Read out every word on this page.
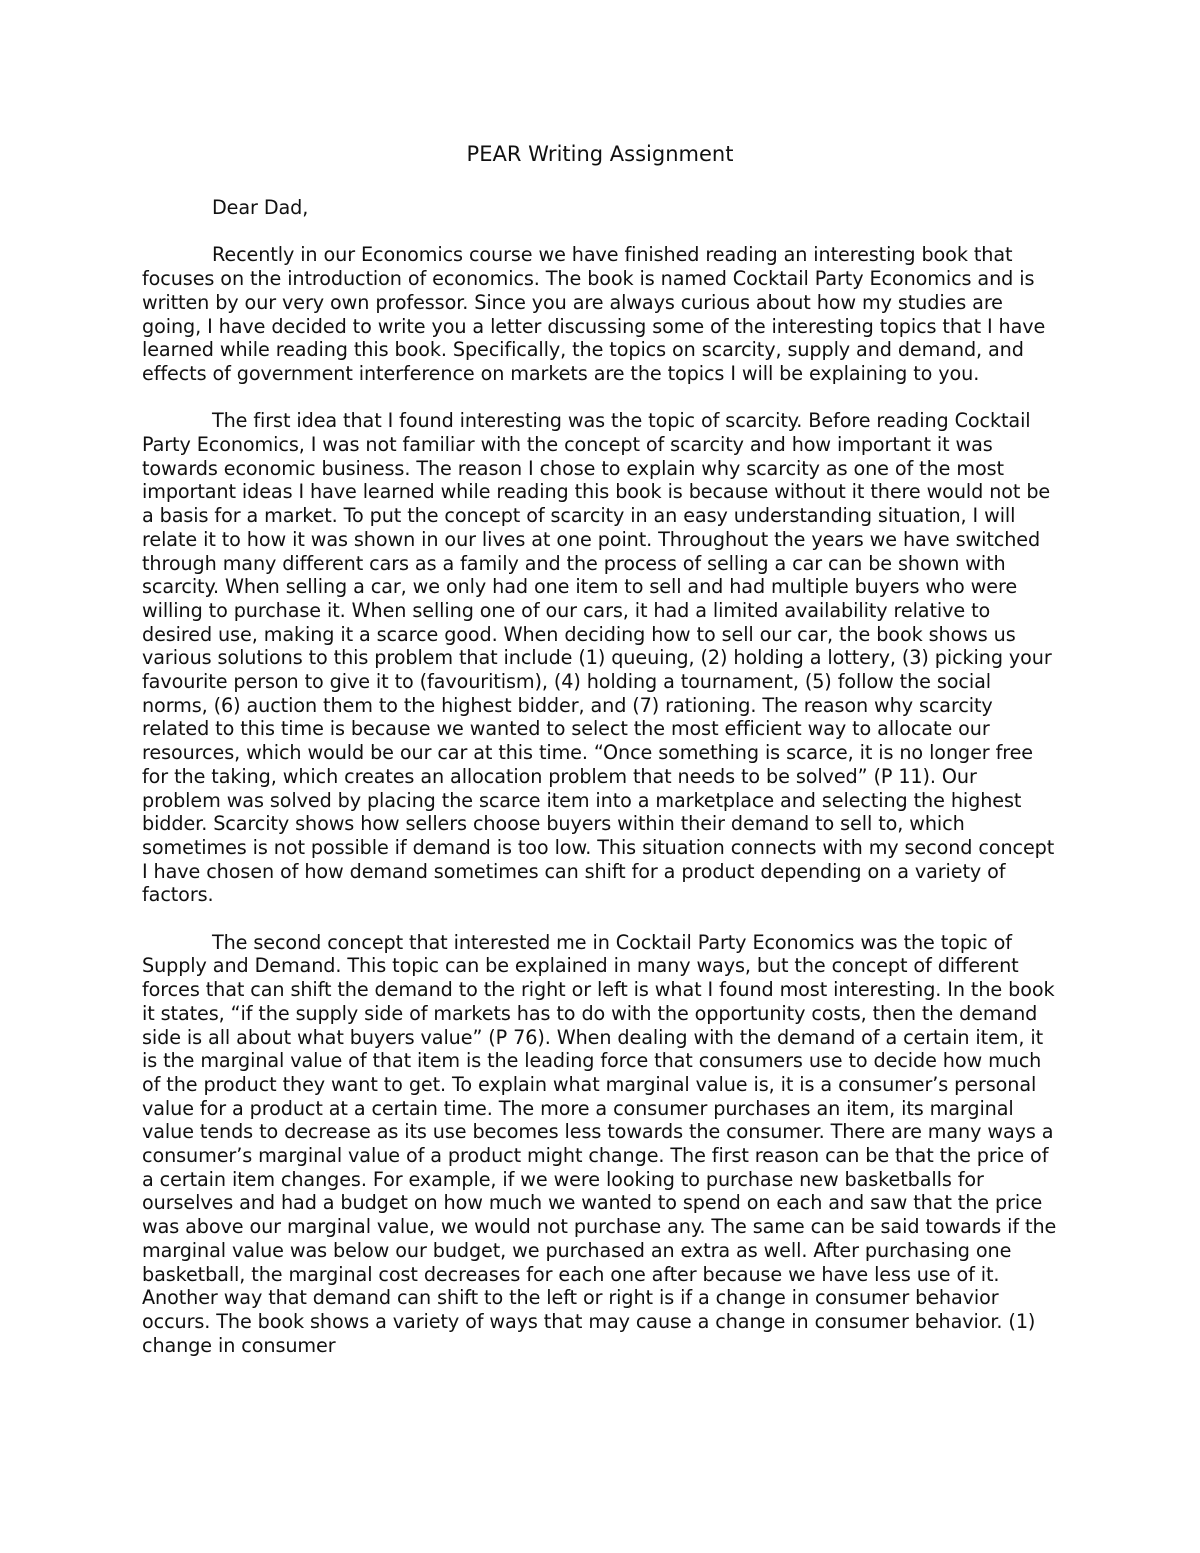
PEAR Writing Assignment

Dear Dad,

Recently in our Economics course we have finished reading an interesting book that focuses on the introduction of economics. The book is named Cocktail Party Economics and is written by our very own professor. Since you are always curious about how my studies are going, I have decided to write you a letter discussing some of the interesting topics that I have learned while reading this book. Specifically, the topics on scarcity, supply and demand, and effects of government interference on markets are the topics I will be explaining to you.

The first idea that I found interesting was the topic of scarcity. Before reading Cocktail Party Economics, I was not familiar with the concept of scarcity and how important it was towards economic business. The reason I chose to explain why scarcity as one of the most important ideas I have learned while reading this book is because without it there would not be a basis for a market. To put the concept of scarcity in an easy understanding situation, I will relate it to how it was shown in our lives at one point. Throughout the years we have switched through many different cars as a family and the process of selling a car can be shown with scarcity. When selling a car, we only had one item to sell and had multiple buyers who were willing to purchase it. When selling one of our cars, it had a limited availability relative to desired use, making it a scarce good. When deciding how to sell our car, the book shows us various solutions to this problem that include (1) queuing, (2) holding a lottery, (3) picking your favourite person to give it to (favouritism), (4) holding a tournament, (5) follow the social norms, (6) auction them to the highest bidder, and (7) rationing. The reason why scarcity related to this time is because we wanted to select the most efficient way to allocate our resources, which would be our car at this time. “Once something is scarce, it is no longer free for the taking, which creates an allocation problem that needs to be solved” (P 11). Our problem was solved by placing the scarce item into a marketplace and selecting the highest bidder. Scarcity shows how sellers choose buyers within their demand to sell to, which sometimes is not possible if demand is too low. This situation connects with my second concept I have chosen of how demand sometimes can shift for a product depending on a variety of factors.

The second concept that interested me in Cocktail Party Economics was the topic of Supply and Demand. This topic can be explained in many ways, but the concept of different forces that can shift the demand to the right or left is what I found most interesting. In the book it states, “if the supply side of markets has to do with the opportunity costs, then the demand side is all about what buyers value” (P 76). When dealing with the demand of a certain item, it is the marginal value of that item is the leading force that consumers use to decide how much of the product they want to get. To explain what marginal value is, it is a consumer’s personal value for a product at a certain time. The more a consumer purchases an item, its marginal value tends to decrease as its use becomes less towards the consumer. There are many ways a consumer’s marginal value of a product might change. The first reason can be that the price of a certain item changes. For example, if we were looking to purchase new basketballs for ourselves and had a budget on how much we wanted to spend on each and saw that the price was above our marginal value, we would not purchase any. The same can be said towards if the marginal value was below our budget, we purchased an extra as well. After purchasing one basketball, the marginal cost decreases for each one after because we have less use of it. Another way that demand can shift to the left or right is if a change in consumer behavior occurs. The book shows a variety of ways that may cause a change in consumer behavior. (1) change in consumer
